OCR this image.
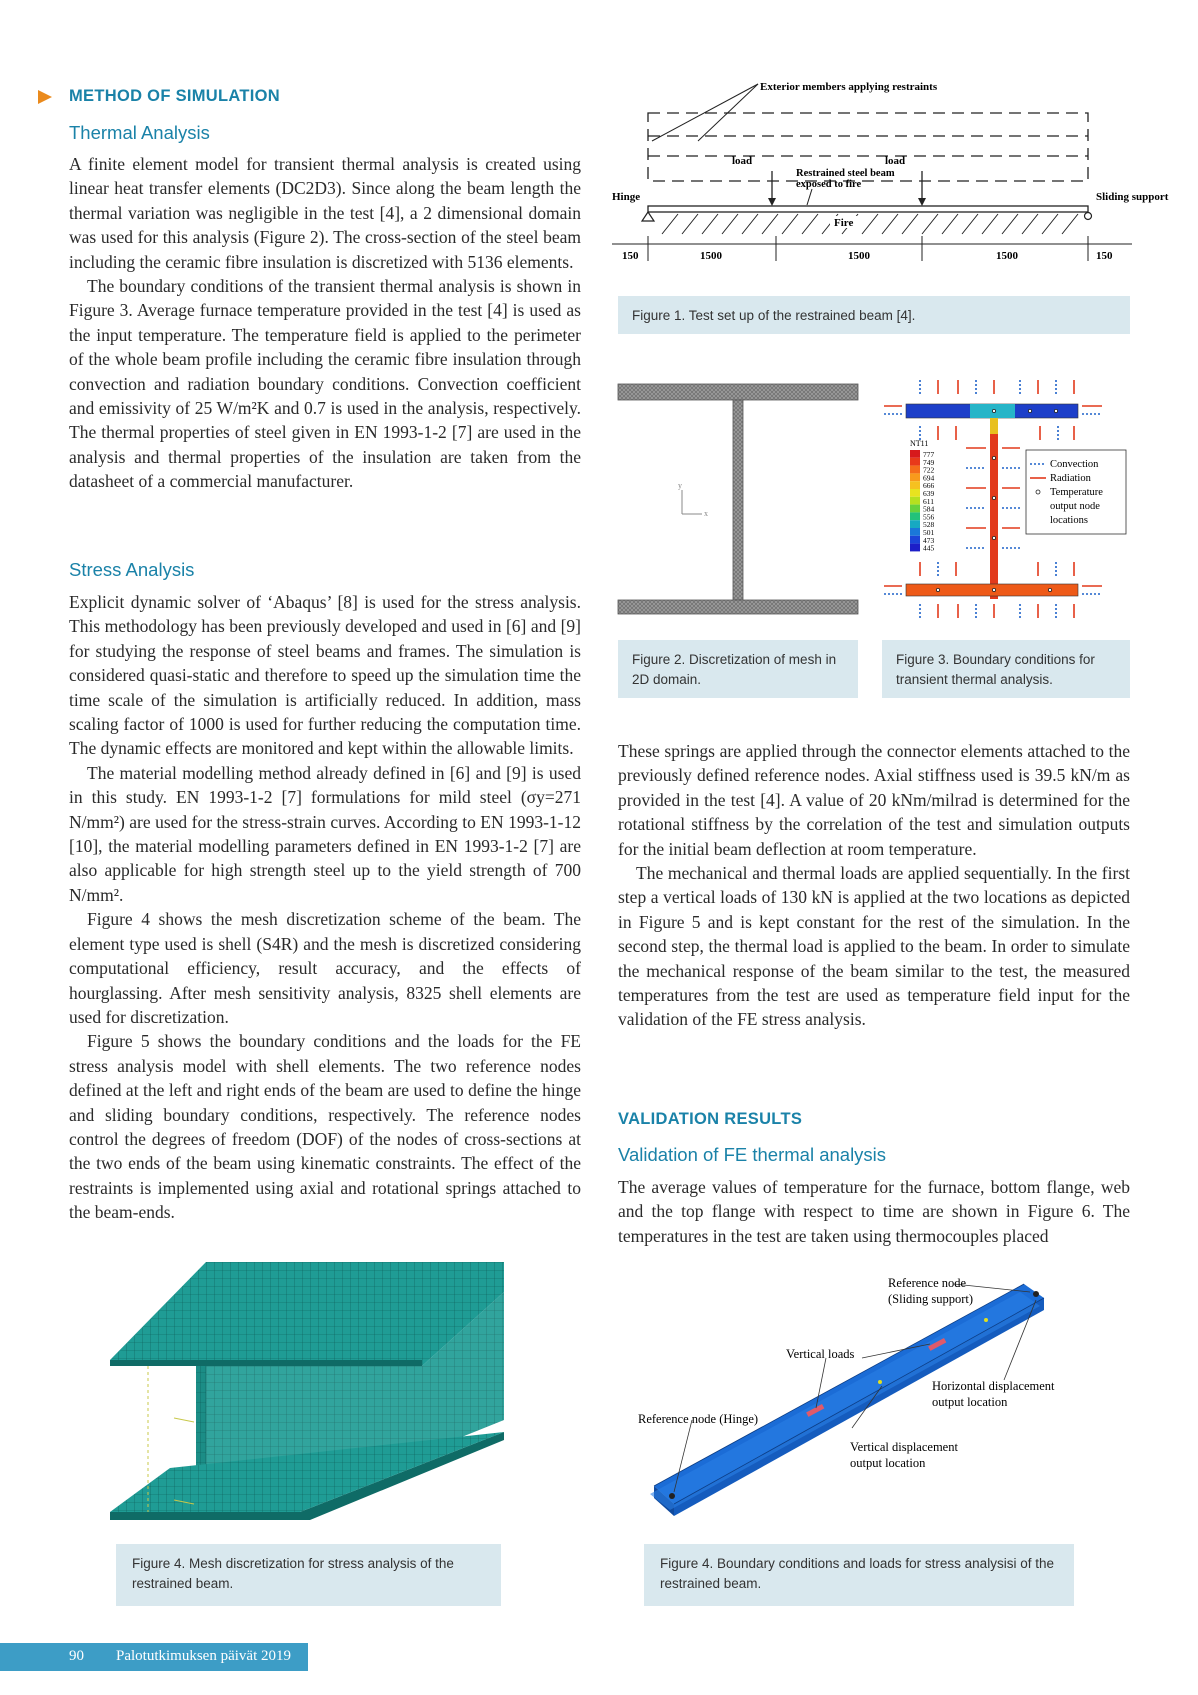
METHOD OF SIMULATION
Thermal Analysis

A finite element model for transient thermal analysis is created using linear heat transfer elements (DC2D3). Since along the beam length the thermal variation was negligible in the test [4], a 2 dimensional domain was used for this analysis (Figure 2). The cross-section of the steel beam including the ceramic fibre insulation is discretized with 5136 elements.

The boundary conditions of the transient thermal analysis is shown in Figure 3. Average furnace temperature provided in the test [4] is used as the input temperature. The temperature field is applied to the perimeter of the whole beam profile including the ceramic fibre insulation through convection and radiation boundary conditions. Convection coefficient and emissivity of 25 W/m²K and 0.7 is used in the analysis, respectively. The thermal properties of steel given in EN 1993-1-2 [7] are used in the analysis and thermal properties of the insulation are taken from the datasheet of a commercial manufacturer.

Stress Analysis

Explicit dynamic solver of ‘Abaqus’ [8] is used for the stress analysis. This methodology has been previously developed and used in [6] and [9] for studying the response of steel beams and frames. The simulation is considered quasi-static and therefore to speed up the simulation time the time scale of the simulation is artificially reduced. In addition, mass scaling factor of 1000 is used for further reducing the computation time. The dynamic effects are monitored and kept within the allowable limits.

The material modelling method already defined in [6] and [9] is used in this study. EN 1993-1-2 [7] formulations for mild steel (σy=271 N/mm²) are used for the stress-strain curves. According to EN 1993-1-12 [10], the material modelling parameters defined in EN 1993-1-2 [7] are also applicable for high strength steel up to the yield strength of 700 N/mm².

Figure 4 shows the mesh discretization scheme of the beam. The element type used is shell (S4R) and the mesh is discretized considering computational efficiency, result accuracy, and the effects of hourglassing. After mesh sensitivity analysis, 8325 shell elements are used for discretization.

Figure 5 shows the boundary conditions and the loads for the FE stress analysis model with shell elements. The two reference nodes defined at the left and right ends of the beam are used to define the hinge and sliding boundary conditions, respectively. The reference nodes control the degrees of freedom (DOF) of the nodes of cross-sections at the two ends of the beam using kinematic constraints. The effect of the restraints is implemented using axial and rotational springs attached to the beam-ends.

Exterior members applying restraints
Fire
load	load
Restrained steel beam
exposed to fire
Hinge	Sliding support
150	1500	1500	1500	150
Figure 1. Test set up of the restrained beam [4].
y
x
Figure 2. Discretization of mesh in 2D domain.
NT11
777
749
722
694
666
639
611
584
556
528
501
473
445
Convection
Radiation
Temperature
output node
locations
Figure 3. Boundary conditions for transient thermal analysis.

These springs are applied through the connector elements attached to the previously defined reference nodes. Axial stiffness used is 39.5 kN/m as provided in the test [4]. A value of 20 kNm/milrad is determined for the rotational stiffness by the correlation of the test and simulation outputs for the initial beam deflection at room temperature.

The mechanical and thermal loads are applied sequentially. In the first step a vertical loads of 130 kN is applied at the two locations as depicted in Figure 5 and is kept constant for the rest of the simulation. In the second step, the thermal load is applied to the beam. In order to simulate the mechanical response of the beam similar to the test, the measured temperatures from the test are used as temperature field input for the validation of the FE stress analysis.

VALIDATION RESULTS
Validation of FE thermal analysis

The average values of temperature for the furnace, bottom flange, web and the top flange with respect to time are shown in Figure 6. The temperatures in the test are taken using thermocouples placed

Figure 4. Mesh discretization for stress analysis of the restrained beam.
Reference node
(Sliding support)
Vertical loads
Horizontal displacement
output location
Reference node (Hinge)
Vertical displacement
output location
Figure 4. Boundary conditions and loads for stress analysisi of the restrained beam.
90 Palotutkimuksen päivät 2019
